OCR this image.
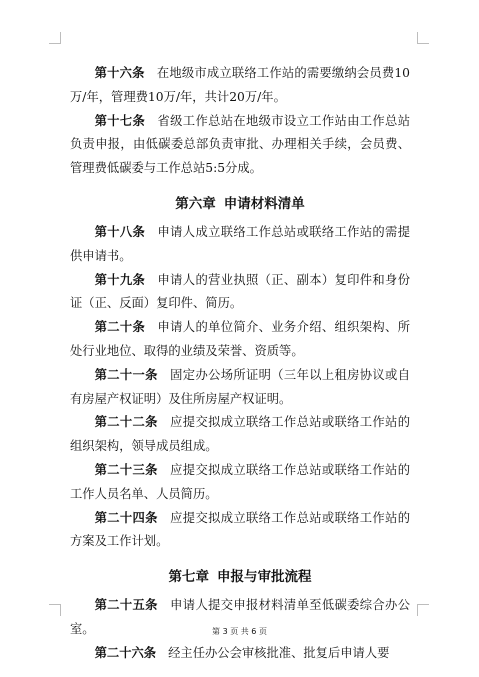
第十六条 在地级市成立联络工作站的需要缴纳会员费10万/年，管理费10万/年，共计20万/年。

第十七条 省级工作总站在地级市设立工作站由工作总站负责申报，由低碳委总部负责审批、办理相关手续，会员费、管理费低碳委与工作总站5:5分成。

第六章 申请材料清单

第十八条 申请人成立联络工作总站或联络工作站的需提供申请书。

第十九条 申请人的营业执照（正、副本）复印件和身份证（正、反面）复印件、简历。

第二十条 申请人的单位简介、业务介绍、组织架构、所处行业地位、取得的业绩及荣誉、资质等。

第二十一条 固定办公场所证明（三年以上租房协议或自有房屋产权证明）及住所房屋产权证明。

第二十二条 应提交拟成立联络工作总站或联络工作站的组织架构，领导成员组成。

第二十三条 应提交拟成立联络工作总站或联络工作站的工作人员名单、人员简历。

第二十四条 应提交拟成立联络工作总站或联络工作站的方案及工作计划。

第七章 申报与审批流程

第二十五条 申请人提交申报材料清单至低碳委综合办公室。

第二十六条 经主任办公会审核批准、批复后申请人要

第 3 页 共 6 页
